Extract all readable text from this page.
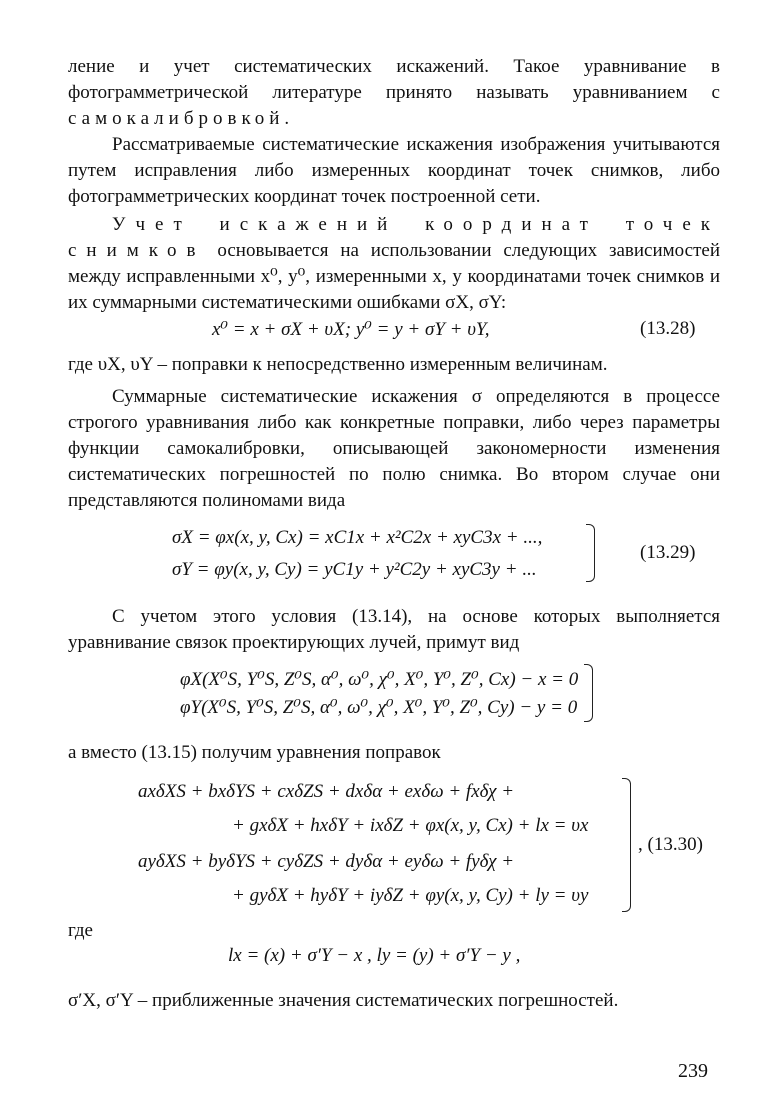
ление и учет систематических искажений. Такое уравнивание в фотограмметрической литературе принято называть уравниванием с самокалибровкой.

Рассматриваемые систематические искажения изображения учитываются путем исправления либо измеренных координат точек снимков, либо фотограмметрических координат точек построенной сети.

Учет искажений координат точек снимков основывается на использовании следующих зависимостей между исправленными x⁰, y⁰, измеренными x, y координатами точек снимков и их суммарными систематическими ошибками σX, σY:

x⁰ = x + σX + υX; y⁰ = y + σY + υY,	(13.28)

где υX, υY – поправки к непосредственно измеренным величинам.

Суммарные систематические искажения σ определяются в процессе строгого уравнивания либо как конкретные поправки, либо через параметры функции самокалибровки, описывающей закономерности изменения систематических погрешностей по полю снимка. Во втором случае они представляются полиномами вида

σX = φx(x, y, Cx) = xC1x + x²C2x + xyC3x + ...,
σY = φy(x, y, Cy) = yC1y + y²C2y + xyC3y + ...
(13.29)

С учетом этого условия (13.14), на основе которых выполняется уравнивание связок проектирующих лучей, примут вид

φX(X⁰S, Y⁰S, Z⁰S, α⁰, ω⁰, χ⁰, X⁰, Y⁰, Z⁰, Cx) − x = 0
φY(X⁰S, Y⁰S, Z⁰S, α⁰, ω⁰, χ⁰, X⁰, Y⁰, Z⁰, Cy) − y = 0

а вместо (13.15) получим уравнения поправок

axδXS + bxδYS + cxδZS + dxδα + exδω + fxδχ +
+ gxδX + hxδY + ixδZ + φx(x, y, Cx) + lx = υx
ayδXS + byδYS + cyδZS + dyδα + eyδω + fyδχ +
+ gyδX + hyδY + iyδZ + φy(x, y, Cy) + ly = υy
, (13.30)

где

lx = (x) + σ′Y − x , ly = (y) + σ′Y − y ,

σ′X, σ′Y – приближенные значения систематических погрешностей.

239
